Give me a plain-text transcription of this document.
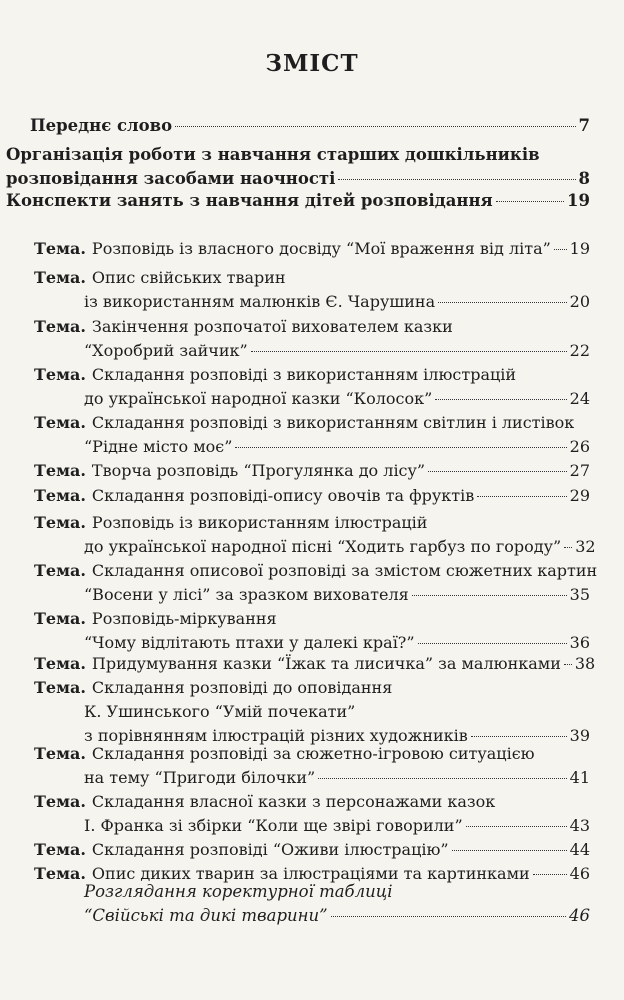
ЗМІСТ
Переднє слово	7
Організація роботи з навчання старших дошкільників
розповідання засобами наочності	8
Конспекти занять з навчання дітей розповідання	19
Тема. Розповідь із власного досвіду “Мої враження від літа” 19
Тема. Опис свійських тварин
із використанням малюнків Є. Чарушина	20
Тема. Закінчення розпочатої вихователем казки
“Хоробрий зайчик”	22
Тема. Складання розповіді з використанням ілюстрацій
до української народної казки “Колосок”	24
Тема. Складання розповіді з використанням світлин і листівок
“Рідне місто моє”	26
Тема. Творча розповідь “Прогулянка до лісу”	27
Тема. Складання розповіді-опису овочів та фруктів	29
Тема. Розповідь із використанням ілюстрацій
до української народної пісні “Ходить гарбуз по городу” 32
Тема. Складання описової розповіді за змістом сюжетних картин
“Восени у лісі” за зразком вихователя	35
Тема. Розповідь-міркування
“Чому відлітають птахи у далекі краї?”	36
Тема. Придумування казки “Їжак та лисичка” за малюнками 38
Тема. Складання розповіді до оповідання
К. Ушинського “Умій почекати”
з порівнянням ілюстрацій різних художників	39
Тема. Складання розповіді за сюжетно-ігровою ситуацією
на тему “Пригоди білочки”	41
Тема. Складання власної казки з персонажами казок
І. Франка зі збірки “Коли ще звірі говорили”	43
Тема. Складання розповіді “Оживи ілюстрацію”	44
Тема. Опис диких тварин за ілюстраціями та картинками 46
Розглядання коректурної таблиці
“Свійські та дикі тварини”	46
